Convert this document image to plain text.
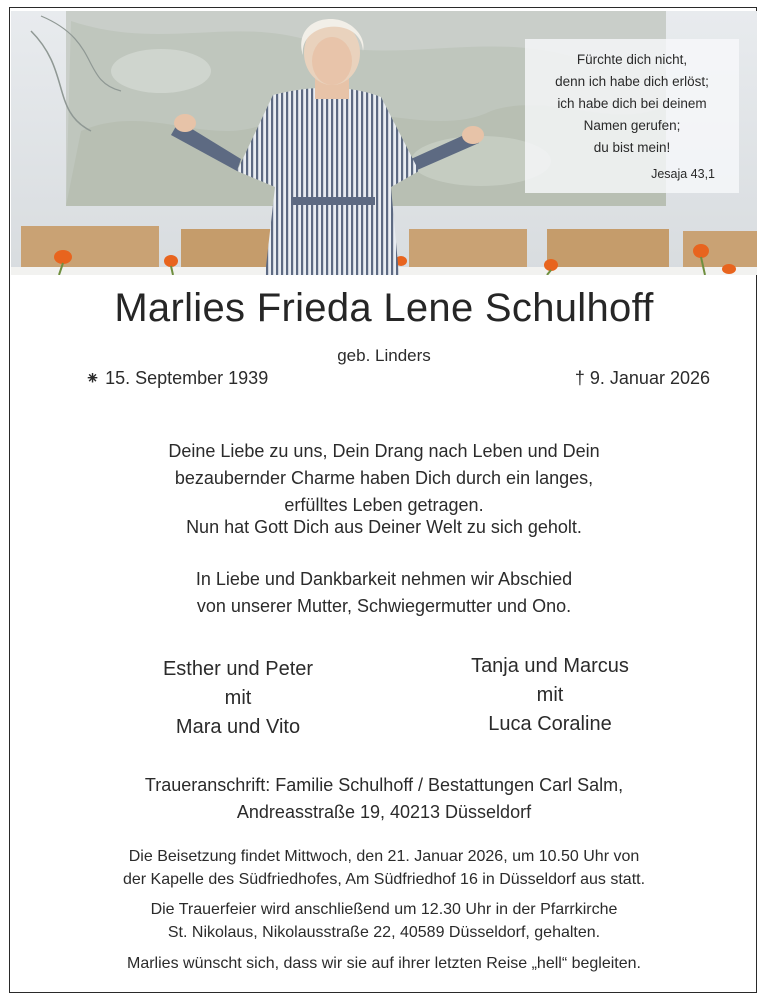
Fürchte dich nicht,
denn ich habe dich erlöst;
ich habe dich bei deinem
Namen gerufen;
du bist mein!
Jesaja 43,1
Marlies Frieda Lene Schulhoff
geb. Linders
⁕ 15. September 1939	† 9. Januar 2026
Deine Liebe zu uns, Dein Drang nach Leben und Dein
bezaubernder Charme haben Dich durch ein langes,
erfülltes Leben getragen.
Nun hat Gott Dich aus Deiner Welt zu sich geholt.
In Liebe und Dankbarkeit nehmen wir Abschied
von unserer Mutter, Schwiegermutter und Ono.
Esther und Peter
mit
Mara und Vito
Tanja und Marcus
mit
Luca Coraline
Traueranschrift: Familie Schulhoff / Bestattungen Carl Salm,
Andreasstraße 19, 40213 Düsseldorf
Die Beisetzung findet Mittwoch, den 21. Januar 2026, um 10.50 Uhr von
der Kapelle des Südfriedhofes, Am Südfriedhof 16 in Düsseldorf aus statt.
Die Trauerfeier wird anschließend um 12.30 Uhr in der Pfarrkirche
St. Nikolaus, Nikolausstraße 22, 40589 Düsseldorf, gehalten.
Marlies wünscht sich, dass wir sie auf ihrer letzten Reise „hell“ begleiten.
